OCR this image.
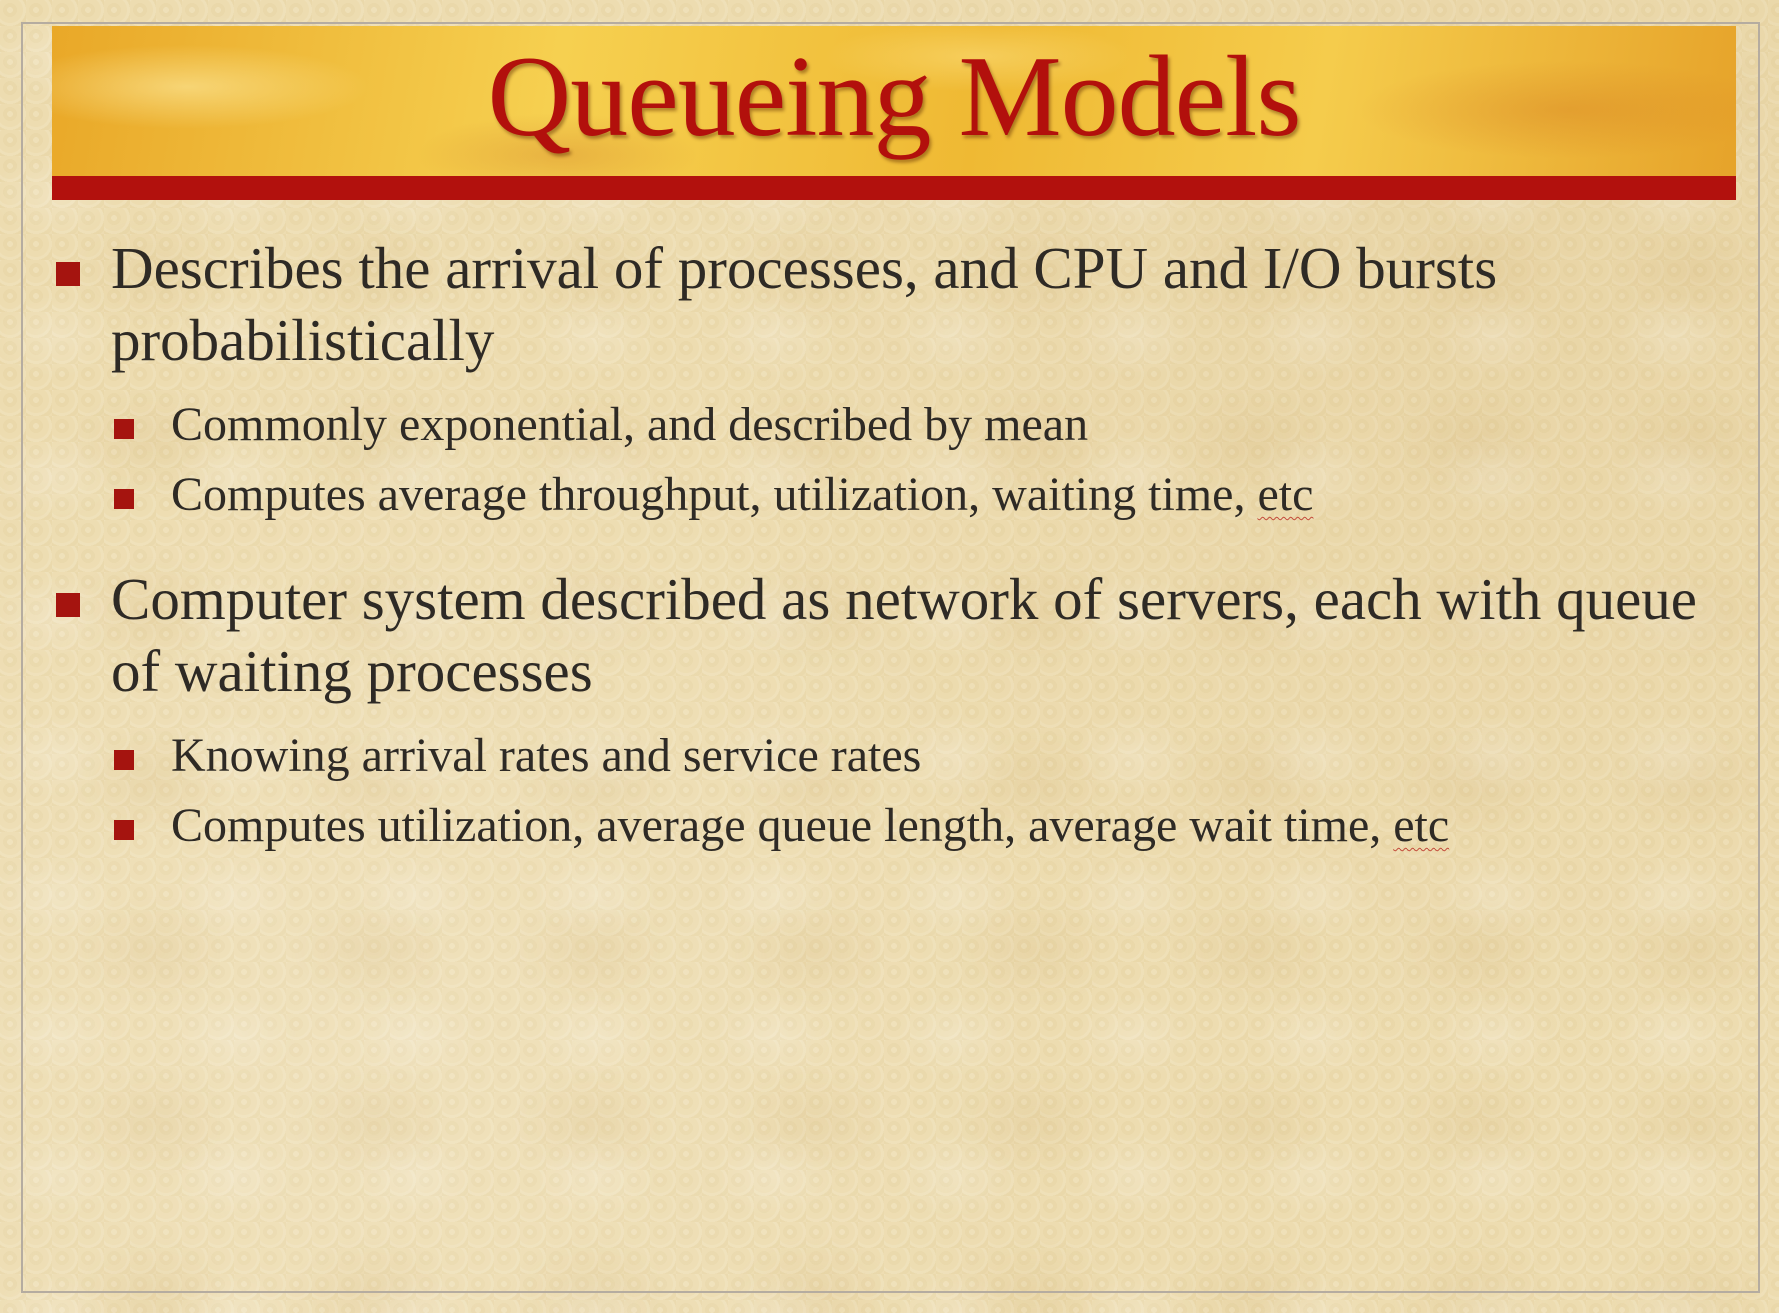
Queueing Models
Describes the arrival of processes, and CPU and I/O bursts probabilistically
Commonly exponential, and described by mean
Computes average throughput, utilization, waiting time, etc
Computer system described as network of servers, each with queue of waiting processes
Knowing arrival rates and service rates
Computes utilization, average queue length, average wait time, etc
